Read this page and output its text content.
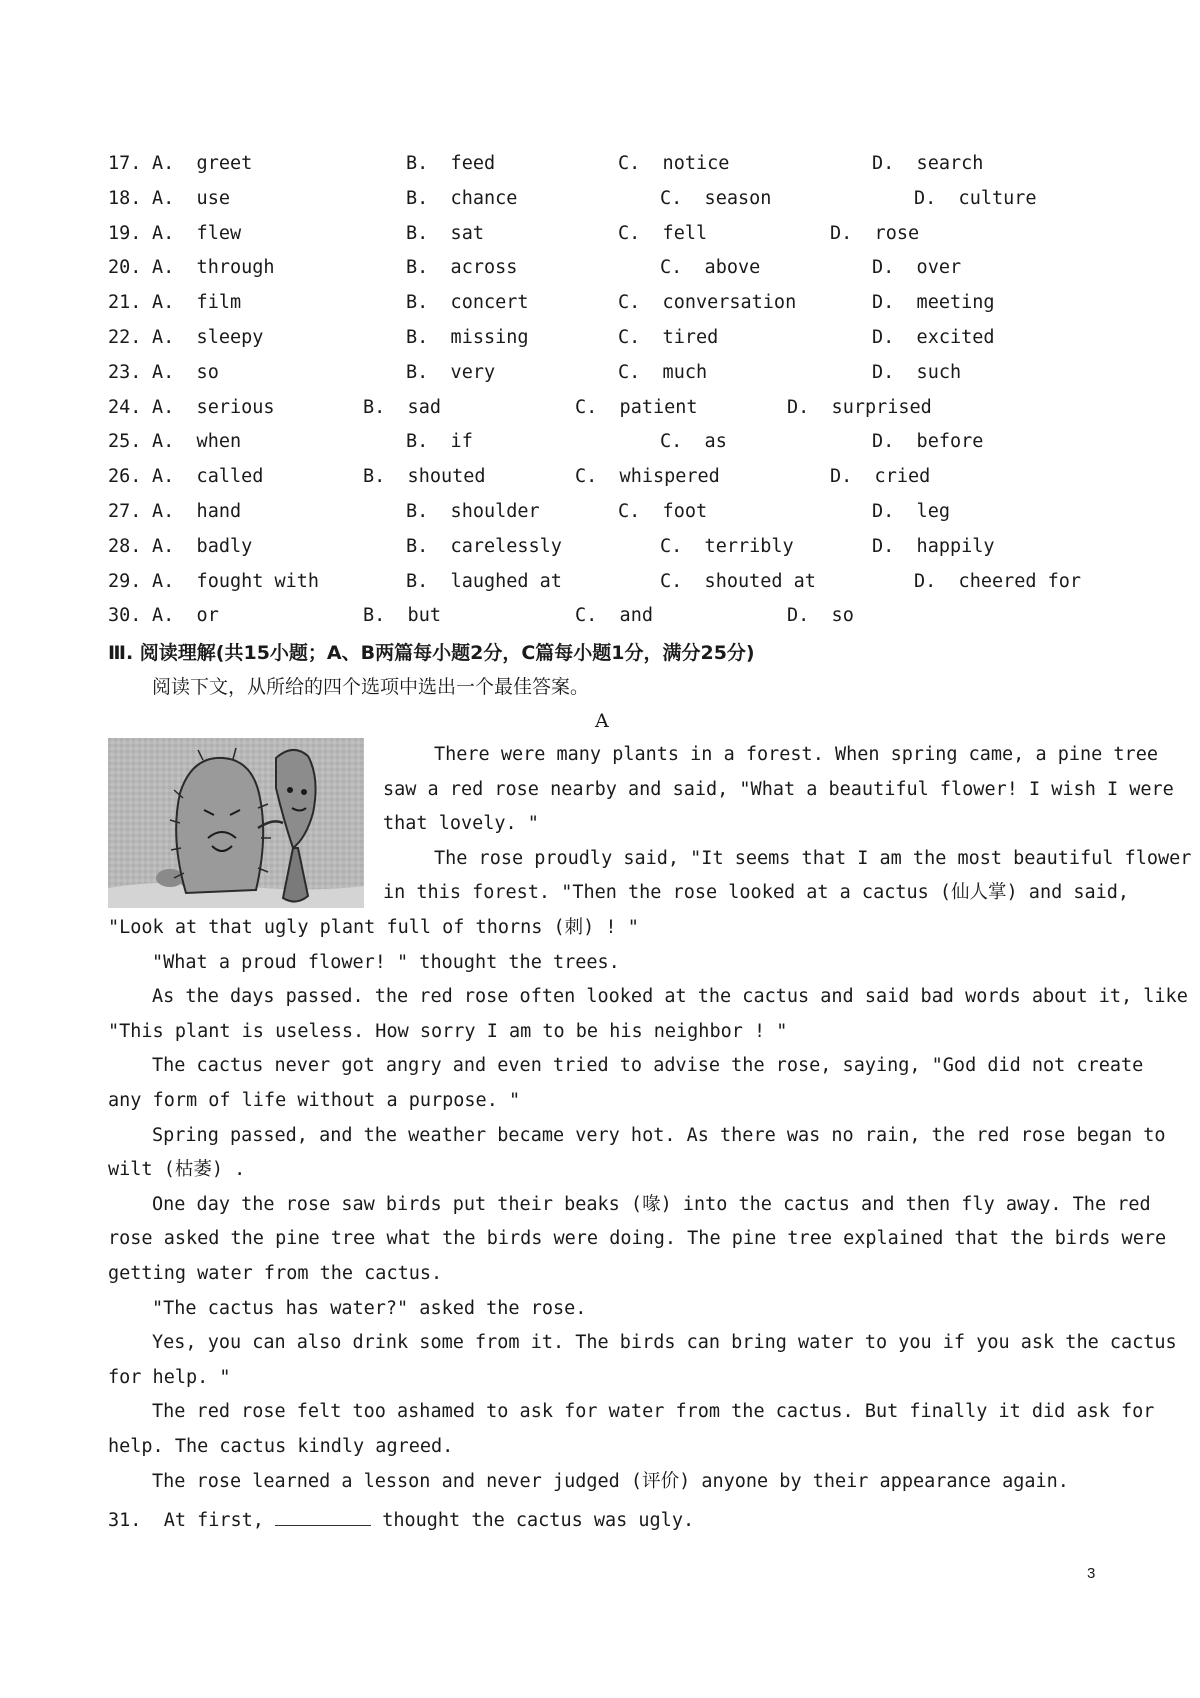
17. A.  greet	B.  feed	C.  notice	D.  search
18. A.  use	B.  chance	C.  season	D.  culture
19. A.  flew	B.  sat	C.  fell	D.  rose
20. A.  through	B.  across	C.  above	D.  over
21. A.  film	B.  concert	C.  conversation	D.  meeting
22. A.  sleepy	B.  missing	C.  tired	D.  excited
23. A.  so	B.  very	C.  much	D.  such
24. A.  serious	B.  sad	C.  patient	D.  surprised
25. A.  when	B.  if	C.  as	D.  before
26. A.  called	B.  shouted	C.  whispered	D.  cried
27. A.  hand	B.  shoulder	C.  foot	D.  leg
28. A.  badly	B.  carelessly	C.  terribly	D.  happily
29. A.  fought with	B.  laughed at	C.  shouted at	D.  cheered for
30. A.  or	B.  but	C.  and	D.  so
Ⅲ. 阅读理解(共15小题；A、B两篇每小题2分，C篇每小题1分，满分25分)
阅读下文，从所给的四个选项中选出一个最佳答案。
A
There were many plants in a forest. When spring came, a pine tree
saw a red rose nearby and said, "What a beautiful flower! I wish I were
that lovely. "
The rose proudly said, "It seems that I am the most beautiful flower
in this forest. "Then the rose looked at a cactus (仙人掌) and said,
"Look at that ugly plant full of thorns (刺) ! "
"What a proud flower! " thought the trees.
As the days passed. the red rose often looked at the cactus and said bad words about it, like
"This plant is useless. How sorry I am to be his neighbor ! "
The cactus never got angry and even tried to advise the rose, saying, "God did not create
any form of life without a purpose. "
Spring passed, and the weather became very hot. As there was no rain, the red rose began to
wilt (枯萎) .
One day the rose saw birds put their beaks (喙) into the cactus and then fly away. The red
rose asked the pine tree what the birds were doing. The pine tree explained that the birds were
getting water from the cactus.
"The cactus has water?" asked the rose.
Yes, you can also drink some from it. The birds can bring water to you if you ask the cactus
for help. "
The red rose felt too ashamed to ask for water from the cactus. But finally it did ask for
help. The cactus kindly agreed.
The rose learned a lesson and never judged (评价) anyone by their appearance again.
31. At first,	thought the cactus was ugly.
3
